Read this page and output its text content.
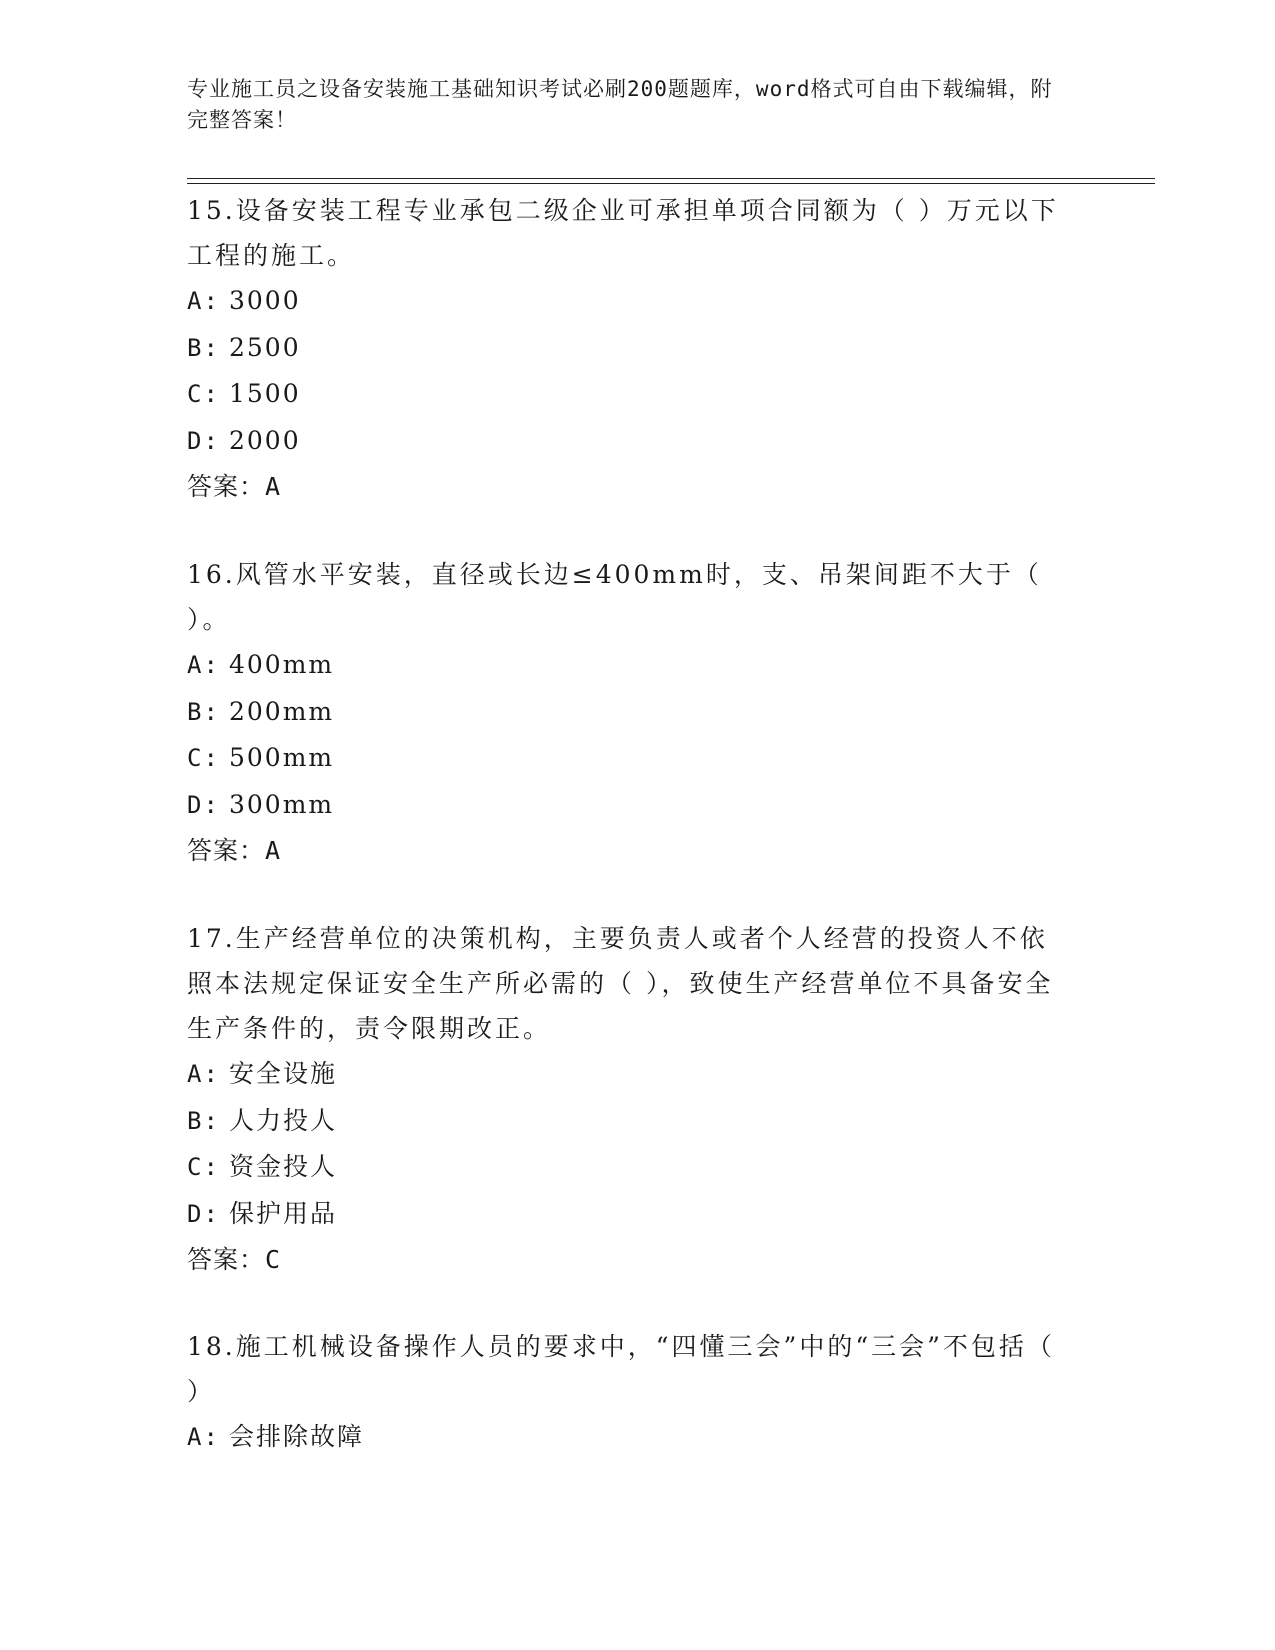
专业施工员之设备安装施工基础知识考试必刷200题题库，word格式可自由下载编辑，附完整答案！

15.设备安装工程专业承包二级企业可承担单项合同额为（ ）万元以下工程的施工。

A: 3000

B: 2500

C: 1500

D: 2000

答案：A

16.风管水平安装，直径或长边≤400mm时，支、吊架间距不大于（ ）。

A: 400mm

B: 200mm

C: 500mm

D: 300mm

答案：A

17.生产经营单位的决策机构，主要负责人或者个人经营的投资人不依照本法规定保证安全生产所必需的（ ），致使生产经营单位不具备安全生产条件的，责令限期改正。

A: 安全设施

B: 人力投人

C: 资金投人

D: 保护用品

答案：C

18.施工机械设备操作人员的要求中，“四懂三会”中的“三会”不包括（ ）

A: 会排除故障
